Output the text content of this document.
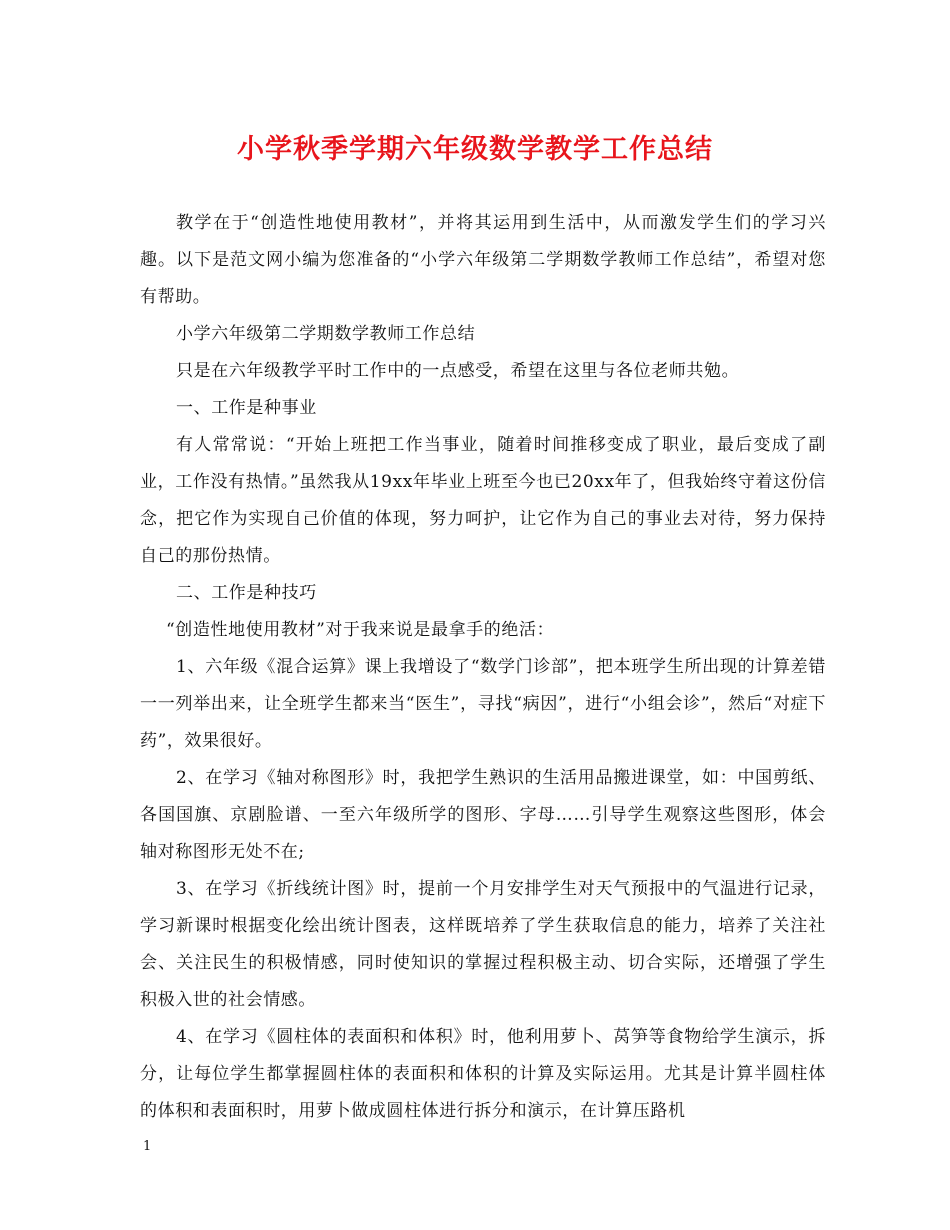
小学秋季学期六年级数学教学工作总结

教学在于“创造性地使用教材”，并将其运用到生活中，从而激发学生们的学习兴趣。以下是范文网小编为您准备的“小学六年级第二学期数学教师工作总结”，希望对您有帮助。

小学六年级第二学期数学教师工作总结

只是在六年级教学平时工作中的一点感受，希望在这里与各位老师共勉。

一、工作是种事业

有人常常说：“开始上班把工作当事业，随着时间推移变成了职业，最后变成了副业，工作没有热情。”虽然我从19xx年毕业上班至今也已20xx年了，但我始终守着这份信念，把它作为实现自己价值的体现，努力呵护，让它作为自己的事业去对待，努力保持自己的那份热情。

二、工作是种技巧

“创造性地使用教材”对于我来说是最拿手的绝活：

1、六年级《混合运算》课上我增设了“数学门诊部”，把本班学生所出现的计算差错一一列举出来，让全班学生都来当“医生”，寻找“病因”，进行“小组会诊”，然后“对症下药”，效果很好。

2、在学习《轴对称图形》时，我把学生熟识的生活用品搬进课堂，如：中国剪纸、各国国旗、京剧脸谱、一至六年级所学的图形、字母……引导学生观察这些图形，体会轴对称图形无处不在;

3、在学习《折线统计图》时，提前一个月安排学生对天气预报中的气温进行记录，学习新课时根据变化绘出统计图表，这样既培养了学生获取信息的能力，培养了关注社会、关注民生的积极情感，同时使知识的掌握过程积极主动、切合实际，还增强了学生积极入世的社会情感。

4、在学习《圆柱体的表面积和体积》时，他利用萝卜、莴笋等食物给学生演示，拆分，让每位学生都掌握圆柱体的表面积和体积的计算及实际运用。尤其是计算半圆柱体的体积和表面积时，用萝卜做成圆柱体进行拆分和演示，在计算压路机

1
